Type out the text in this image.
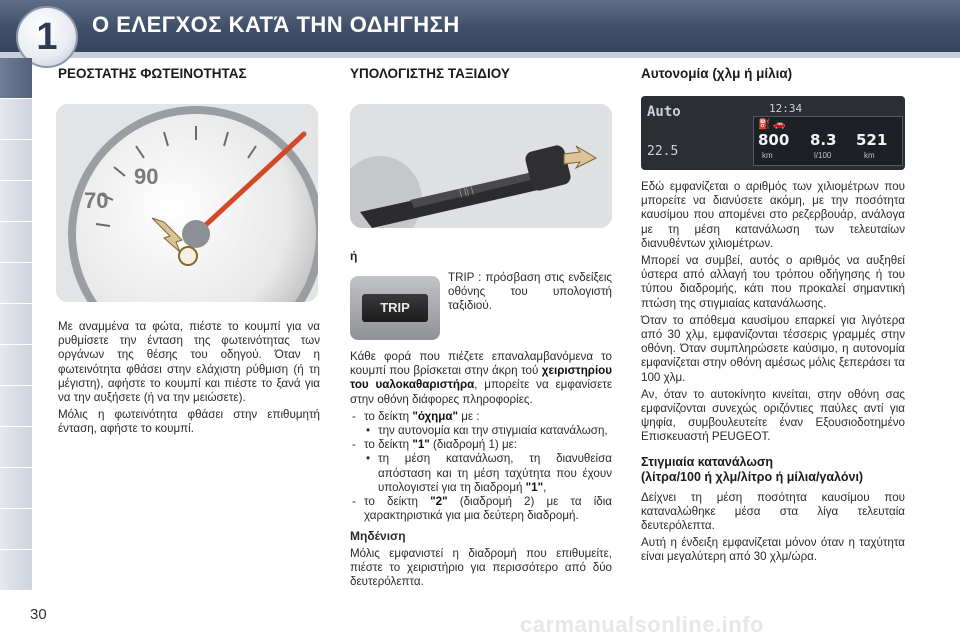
1	Ο ΕΛΕΓΧΟΣ ΚΑΤΆ ΤΗΝ ΟΔΗΓΗΣΗ
ΡΕΟΣΤΑΤΗΣ ΦΩΤΕΙΝΟΤΗΤΑΣ
90
70

Με αναμμένα τα φώτα, πιέστε το κουμπί για να ρυθμίσετε την ένταση της φωτεινότητας των οργάνων της θέσης του οδηγού. Όταν η φωτεινότητα φθάσει στην ελάχιστη ρύθμιση (ή τη μέγιστη), αφήστε το κουμπί και πιέστε το ξανά για να την αυξήσετε (ή να την μειώσετε).

Μόλις η φωτεινότητα φθάσει στην επιθυμητή ένταση, αφήστε το κουμπί.

ΥΠΟΛΟΓΙΣΤΗΣ ΤΑΞΙΔΙΟΥ
| || |
ή
TRIP
TRIP : πρόσβαση στις ενδείξεις οθόνης του υπολογιστή ταξιδιού.

Κάθε φορά που πιέζετε επαναλαμβανόμενα το κουμπί που βρίσκεται στην άκρη τού χειριστηρίου του υαλοκαθαριστήρα, μπορείτε να εμφανίσετε στην οθόνη διάφορες πληροφορίες.

- το δείκτη "όχημα" με :
• την αυτονομία και την στιγμιαία κατανάλωση,
- το δείκτη "1" (διαδρομή 1) με:
• τη μέση κατανάλωση, τη διανυθείσα απόσταση και τη μέση ταχύτητα που έχουν υπολογιστεί για τη διαδρομή "1",
- το δείκτη "2" (διαδρομή 2) με τα ίδια χαρακτηριστικά για μια δεύτερη διαδρομή.
Μηδένιση

Μόλις εμφανιστεί η διαδρομή που επιθυμείτε, πιέστε το χειριστήριο για περισσότερο από δύο δευτερόλεπτα.

Αυτονομία (χλμ ή μίλια)
Auto
22.5
12:34
⛽ 🚗
800 8.3 521
km	l/100	km

Εδώ εμφανίζεται ο αριθμός των χιλιομέτρων που μπορείτε να διανύσετε ακόμη, με την ποσότητα καυσίμου που απομένει στο ρεζερβουάρ, ανάλογα με τη μέση κατανάλωση των τελευταίων διανυθέντων χιλιομέτρων.

Μπορεί να συμβεί, αυτός ο αριθμός να αυξηθεί ύστερα από αλλαγή του τρόπου οδήγησης ή του τύπου διαδρομής, κάτι που προκαλεί σημαντική πτώση της στιγμιαίας κατανάλωσης.

Όταν το απόθεμα καυσίμου επαρκεί για λιγότερα από 30 χλμ, εμφανίζονται τέσσερις γραμμές στην οθόνη. Όταν συμπληρώσετε καύσιμο, η αυτονομία εμφανίζεται στην οθόνη αμέσως μόλις ξεπεράσει τα 100 χλμ.

Αν, όταν το αυτοκίνητο κινείται, στην οθόνη σας εμφανίζονται συνεχώς οριζόντιες παύλες αντί για ψηφία, συμβουλευτείτε έναν Εξουσιοδοτημένο Επισκευαστή PEUGEOT.

Στιγμιαία κατανάλωση
(λίτρα/100 ή χλμ/λίτρο ή μίλια/γαλόνι)

Δείχνει τη μέση ποσότητα καυσίμου που καταναλώθηκε μέσα στα λίγα τελευταία δευτερόλεπτα.

Αυτή η ένδειξη εμφανίζεται μόνον όταν η ταχύτητα είναι μεγαλύτερη από 30 χλμ/ώρα.

30	carmanualsonline.info
